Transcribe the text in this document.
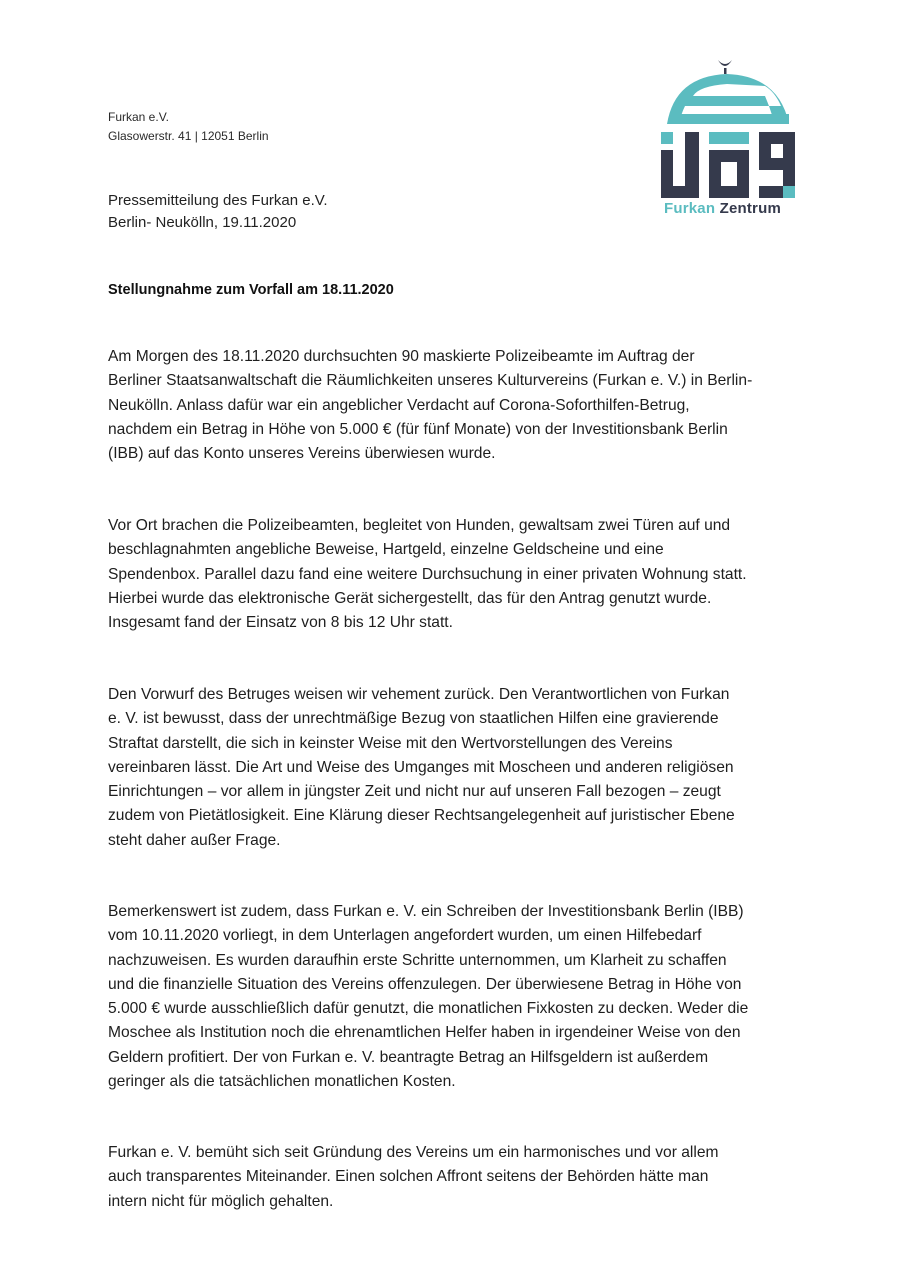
Furkan e.V.
Glasowerstr. 41 | 12051 Berlin
Pressemitteilung des Furkan e.V.
Berlin- Neukölln, 19.11.2020
Furkan Zentrum
Stellungnahme zum Vorfall am 18.11.2020
Am Morgen des 18.11.2020 durchsuchten 90 maskierte Polizeibeamte im Auftrag der
Berliner Staatsanwaltschaft die Räumlichkeiten unseres Kulturvereins (Furkan e. V.) in Berlin-
Neukölln. Anlass dafür war ein angeblicher Verdacht auf Corona-Soforthilfen-Betrug,
nachdem ein Betrag in Höhe von 5.000 € (für fünf Monate) von der Investitionsbank Berlin
(IBB) auf das Konto unseres Vereins überwiesen wurde.
Vor Ort brachen die Polizeibeamten, begleitet von Hunden, gewaltsam zwei Türen auf und
beschlagnahmten angebliche Beweise, Hartgeld, einzelne Geldscheine und eine
Spendenbox. Parallel dazu fand eine weitere Durchsuchung in einer privaten Wohnung statt.
Hierbei wurde das elektronische Gerät sichergestellt, das für den Antrag genutzt wurde.
Insgesamt fand der Einsatz von 8 bis 12 Uhr statt.
Den Vorwurf des Betruges weisen wir vehement zurück. Den Verantwortlichen von Furkan
e. V. ist bewusst, dass der unrechtmäßige Bezug von staatlichen Hilfen eine gravierende
Straftat darstellt, die sich in keinster Weise mit den Wertvorstellungen des Vereins
vereinbaren lässt. Die Art und Weise des Umganges mit Moscheen und anderen religiösen
Einrichtungen – vor allem in jüngster Zeit und nicht nur auf unseren Fall bezogen – zeugt
zudem von Pietätlosigkeit. Eine Klärung dieser Rechtsangelegenheit auf juristischer Ebene
steht daher außer Frage.
Bemerkenswert ist zudem, dass Furkan e. V. ein Schreiben der Investitionsbank Berlin (IBB)
vom 10.11.2020 vorliegt, in dem Unterlagen angefordert wurden, um einen Hilfebedarf
nachzuweisen. Es wurden daraufhin erste Schritte unternommen, um Klarheit zu schaffen
und die finanzielle Situation des Vereins offenzulegen. Der überwiesene Betrag in Höhe von
5.000 € wurde ausschließlich dafür genutzt, die monatlichen Fixkosten zu decken. Weder die
Moschee als Institution noch die ehrenamtlichen Helfer haben in irgendeiner Weise von den
Geldern profitiert. Der von Furkan e. V. beantragte Betrag an Hilfsgeldern ist außerdem
geringer als die tatsächlichen monatlichen Kosten.
Furkan e. V. bemüht sich seit Gründung des Vereins um ein harmonisches und vor allem
auch transparentes Miteinander. Einen solchen Affront seitens der Behörden hätte man
intern nicht für möglich gehalten.
